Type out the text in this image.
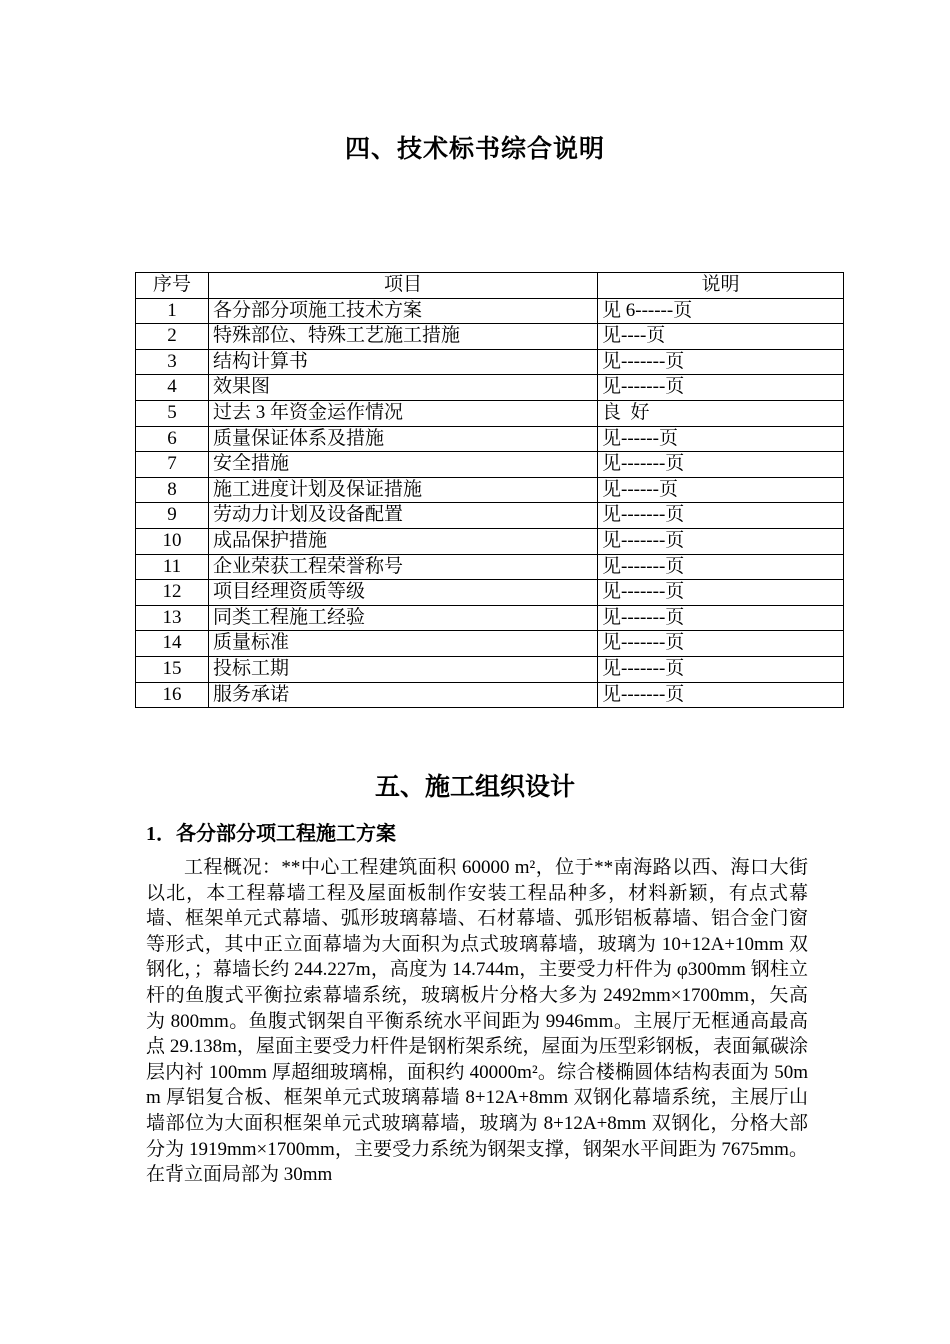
四、技术标书综合说明
序号	项目	说明
1	各分部分项施工技术方案	见 6------页
2	特殊部位、特殊工艺施工措施	见----页
3	结构计算书	见-------页
4	效果图	见-------页
5	过去 3 年资金运作情况	良  好
6	质量保证体系及措施	见------页
7	安全措施	见-------页
8	施工进度计划及保证措施	见------页
9	劳动力计划及设备配置	见-------页
10	成品保护措施	见-------页
11	企业荣获工程荣誉称号	见-------页
12	项目经理资质等级	见-------页
13	同类工程施工经验	见-------页
14	质量标准	见-------页
15	投标工期	见-------页
16	服务承诺	见-------页
五、施工组织设计
1．各分部分项工程施工方案

工程概况：**中心工程建筑面积 60000 m²，位于**南海路以西、海口大街以北，本工程幕墙工程及屋面板制作安装工程品种多，材料新颖，有点式幕墙、框架单元式幕墙、弧形玻璃幕墙、石材幕墙、弧形铝板幕墙、铝合金门窗等形式，其中正立面幕墙为大面积为点式玻璃幕墙，玻璃为 10+12A+10mm 双钢化，；幕墙长约 244.227m，高度为 14.744m，主要受力杆件为 φ300mm 钢柱立杆的鱼腹式平衡拉索幕墙系统，玻璃板片分格大多为 2492mm×1700mm，矢高为 800mm。鱼腹式钢架自平衡系统水平间距为 9946mm。主展厅无框通高最高点 29.138m，屋面主要受力杆件是钢桁架系统，屋面为压型彩钢板，表面氟碳涂层内衬 100mm 厚超细玻璃棉，面积约 40000m²。综合楼椭圆体结构表面为 50mm 厚铝复合板、框架单元式玻璃幕墙 8+12A+8mm 双钢化幕墙系统，主展厅山墙部位为大面积框架单元式玻璃幕墙，玻璃为 8+12A+8mm 双钢化，分格大部分为 1919mm×1700mm，主要受力系统为钢架支撑，钢架水平间距为 7675mm。在背立面局部为 30mm
